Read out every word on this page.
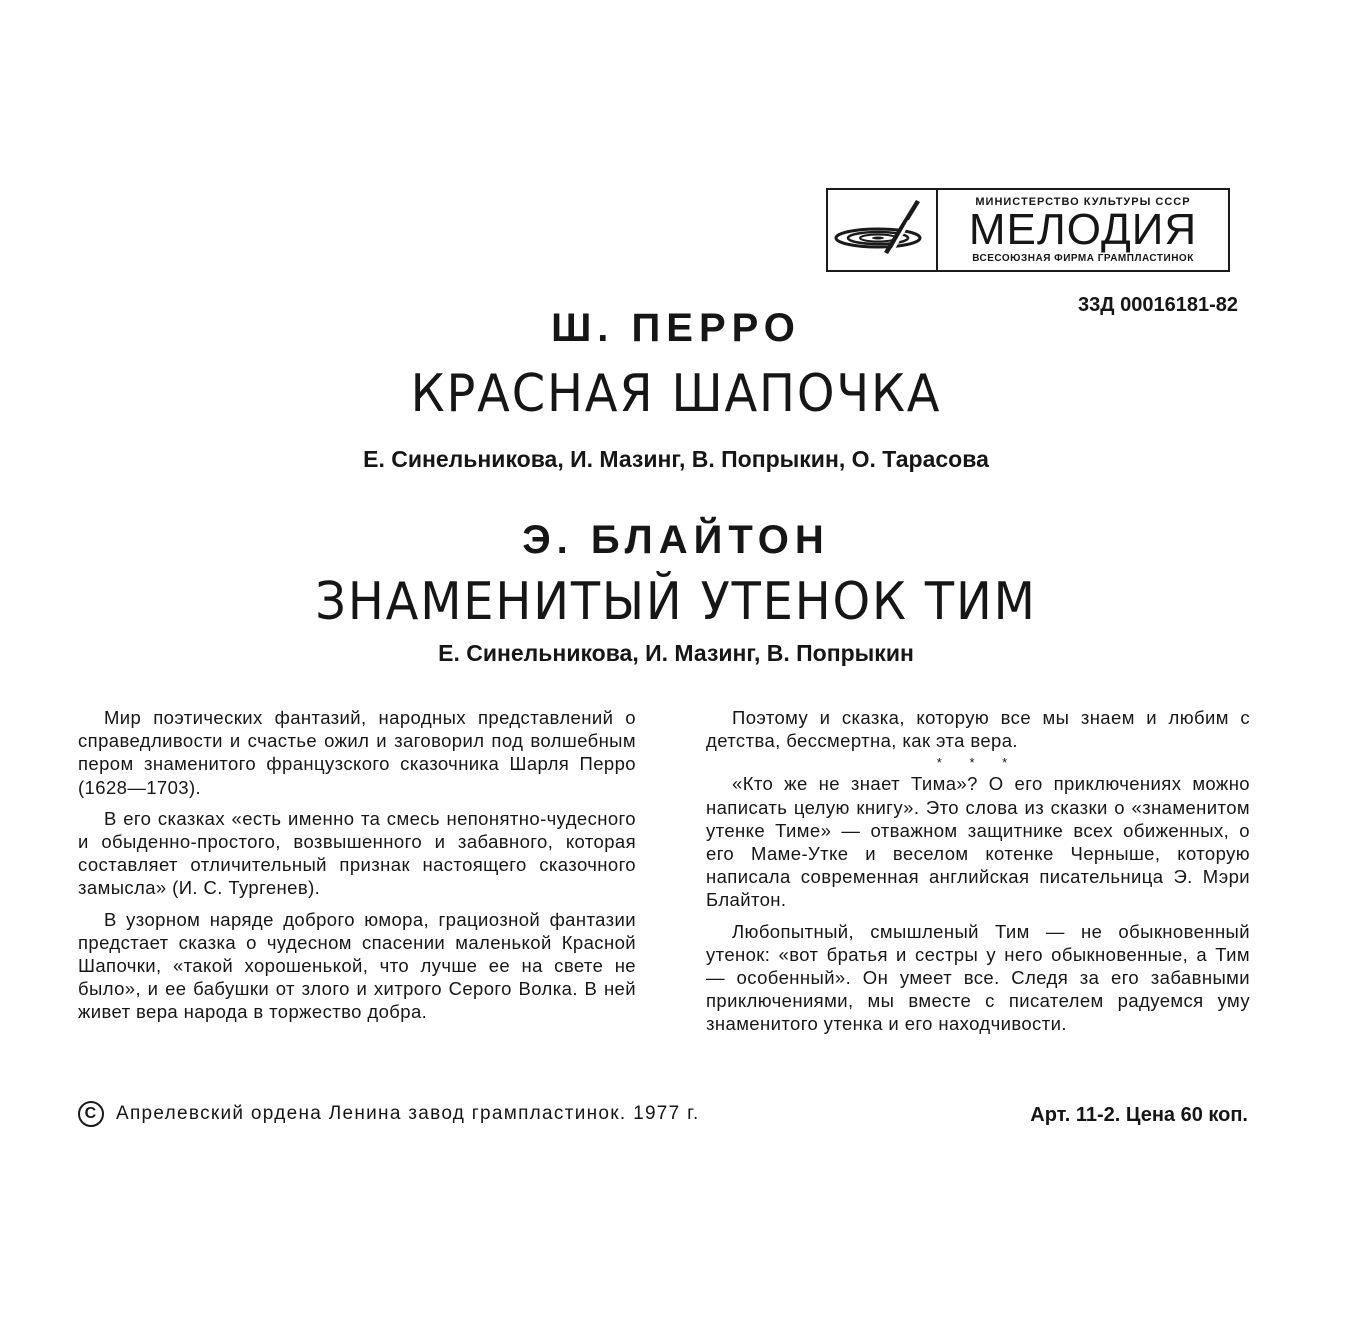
МИНИСТЕРСТВО КУЛЬТУРЫ СССР
МЕЛОДИЯ
ВСЕСОЮЗНАЯ ФИРМА ГРАМПЛАСТИНОК
33Д 00016181-82
Ш. ПЕРРО
КРАСНАЯ ШАПОЧКА
Е. Синельникова, И. Мазинг, В. Попрыкин, О. Тарасова
Э. БЛАЙТОН
ЗНАМЕНИТЫЙ УТЕНОК ТИМ
Е. Синельникова, И. Мазинг, В. Попрыкин

Мир поэтических фантазий, народных представлений о справедливости и счастье ожил и заговорил под волшебным пером знаменитого французского сказочника Шарля Перро (1628—1703).

В его сказках «есть именно та смесь непонятно-чудесного и обыденно-простого, возвышенного и забавного, которая составляет отличительный признак настоящего сказочного замысла» (И. С. Тургенев).

В узорном наряде доброго юмора, грациозной фантазии предстает сказка о чудесном спасении маленькой Красной Шапочки, «такой хорошенькой, что лучше ее на свете не было», и ее бабушки от злого и хитрого Серого Волка. В ней живет вера народа в торжество добра.

Поэтому и сказка, которую все мы знаем и любим с детства, бессмертна, как эта вера.

* * *

«Кто же не знает Тима»? О его приключениях можно написать целую книгу». Это слова из сказки о «знаменитом утенке Тиме» — отважном защитнике всех обиженных, о его Маме-Утке и веселом котенке Черныше, которую написала современная английская писательница Э. Мэри Блайтон.

Любопытный, смышленый Тим — не обыкновенный утенок: «вот братья и сестры у него обыкновенные, а Тим — особенный». Он умеет все. Следя за его забавными приключениями, мы вместе с писателем радуемся уму знаменитого утенка и его находчивости.

C Апрелевский ордена Ленина завод грампластинок. 1977 г.	Арт. 11-2. Цена 60 коп.
